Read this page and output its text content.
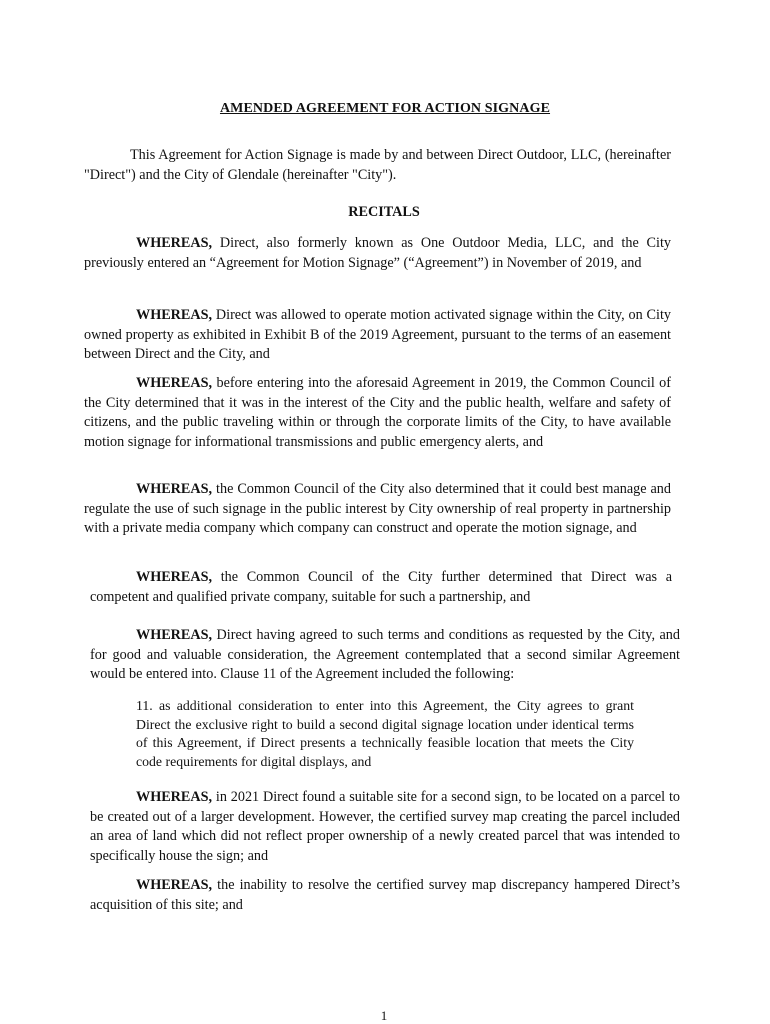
AMENDED AGREEMENT FOR ACTION SIGNAGE
This Agreement for Action Signage is made by and between Direct Outdoor, LLC, (hereinafter "Direct") and the City of Glendale (hereinafter "City").
RECITALS
WHEREAS, Direct, also formerly known as One Outdoor Media, LLC, and the City previously entered an “Agreement for Motion Signage” (“Agreement”) in November of 2019, and
WHEREAS, Direct was allowed to operate motion activated signage within the City, on City owned property as exhibited in Exhibit B of the 2019 Agreement, pursuant to the terms of an easement between Direct and the City, and
WHEREAS, before entering into the aforesaid Agreement in 2019, the Common Council of the City determined that it was in the interest of the City and the public health, welfare and safety of citizens, and the public traveling within or through the corporate limits of the City, to have available motion signage for informational transmissions and public emergency alerts, and
WHEREAS, the Common Council of the City also determined that it could best manage and regulate the use of such signage in the public interest by City ownership of real property in partnership with a private media company which company can construct and operate the motion signage, and
WHEREAS, the Common Council of the City further determined that Direct was a competent and qualified private company, suitable for such a partnership, and
WHEREAS, Direct having agreed to such terms and conditions as requested by the City, and for good and valuable consideration, the Agreement contemplated that a second similar Agreement would be entered into. Clause 11 of the Agreement included the following:
11. as additional consideration to enter into this Agreement, the City agrees to grant Direct the exclusive right to build a second digital signage location under identical terms of this Agreement, if Direct presents a technically feasible location that meets the City code requirements for digital displays, and
WHEREAS, in 2021 Direct found a suitable site for a second sign, to be located on a parcel to be created out of a larger development. However, the certified survey map creating the parcel included an area of land which did not reflect proper ownership of a newly created parcel that was intended to specifically house the sign; and
WHEREAS, the inability to resolve the certified survey map discrepancy hampered Direct’s acquisition of this site; and
1
